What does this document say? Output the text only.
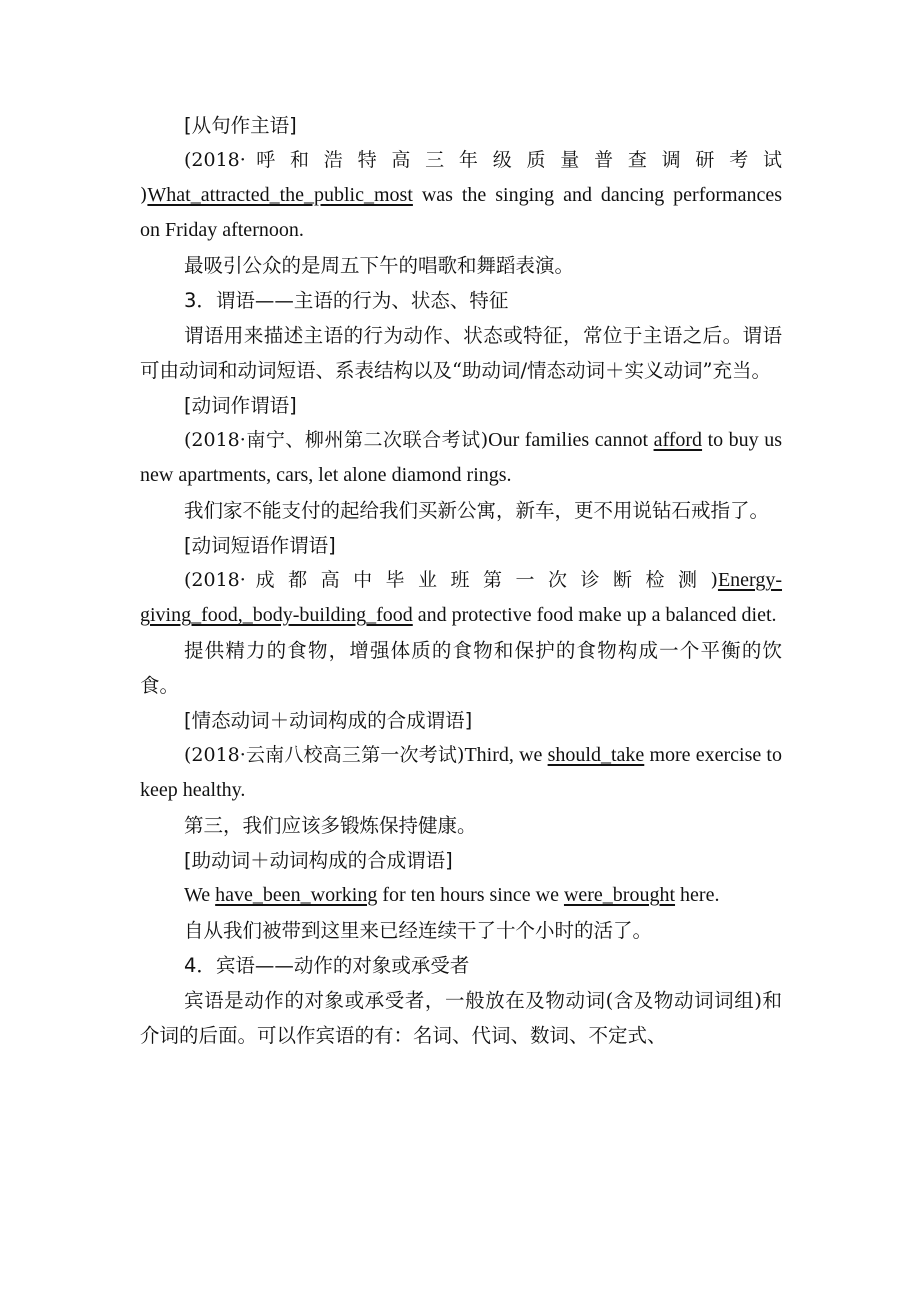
[从句作主语]

(2018· 呼 和 浩 特 高 三 年 级 质 量 普 查 调 研 考 试 )What_attracted_the_public_most was the singing and dancing performances on Friday afternoon.

最吸引公众的是周五下午的唱歌和舞蹈表演。

3．谓语——主语的行为、状态、特征

谓语用来描述主语的行为动作、状态或特征，常位于主语之后。谓语可由动词和动词短语、系表结构以及“助动词/情态动词＋实义动词”充当。

[动词作谓语]

(2018·南宁、柳州第二次联合考试)Our families cannot afford to buy us new apartments, cars, let alone diamond rings.

我们家不能支付的起给我们买新公寓，新车，更不用说钻石戒指了。

[动词短语作谓语]

(2018· 成 都 高 中 毕 业 班 第 一 次 诊 断 检 测 )Energy-giving_food,_body-building_food and protective food make up a balanced diet.

提供精力的食物，增强体质的食物和保护的食物构成一个平衡的饮食。

[情态动词＋动词构成的合成谓语]

(2018·云南八校高三第一次考试)Third, we should_take more exercise to keep healthy.

第三，我们应该多锻炼保持健康。

[助动词＋动词构成的合成谓语]

We have_been_working for ten hours since we were_brought here.

自从我们被带到这里来已经连续干了十个小时的活了。

4．宾语——动作的对象或承受者

宾语是动作的对象或承受者，一般放在及物动词(含及物动词词组)和介词的后面。可以作宾语的有：名词、代词、数词、不定式、
